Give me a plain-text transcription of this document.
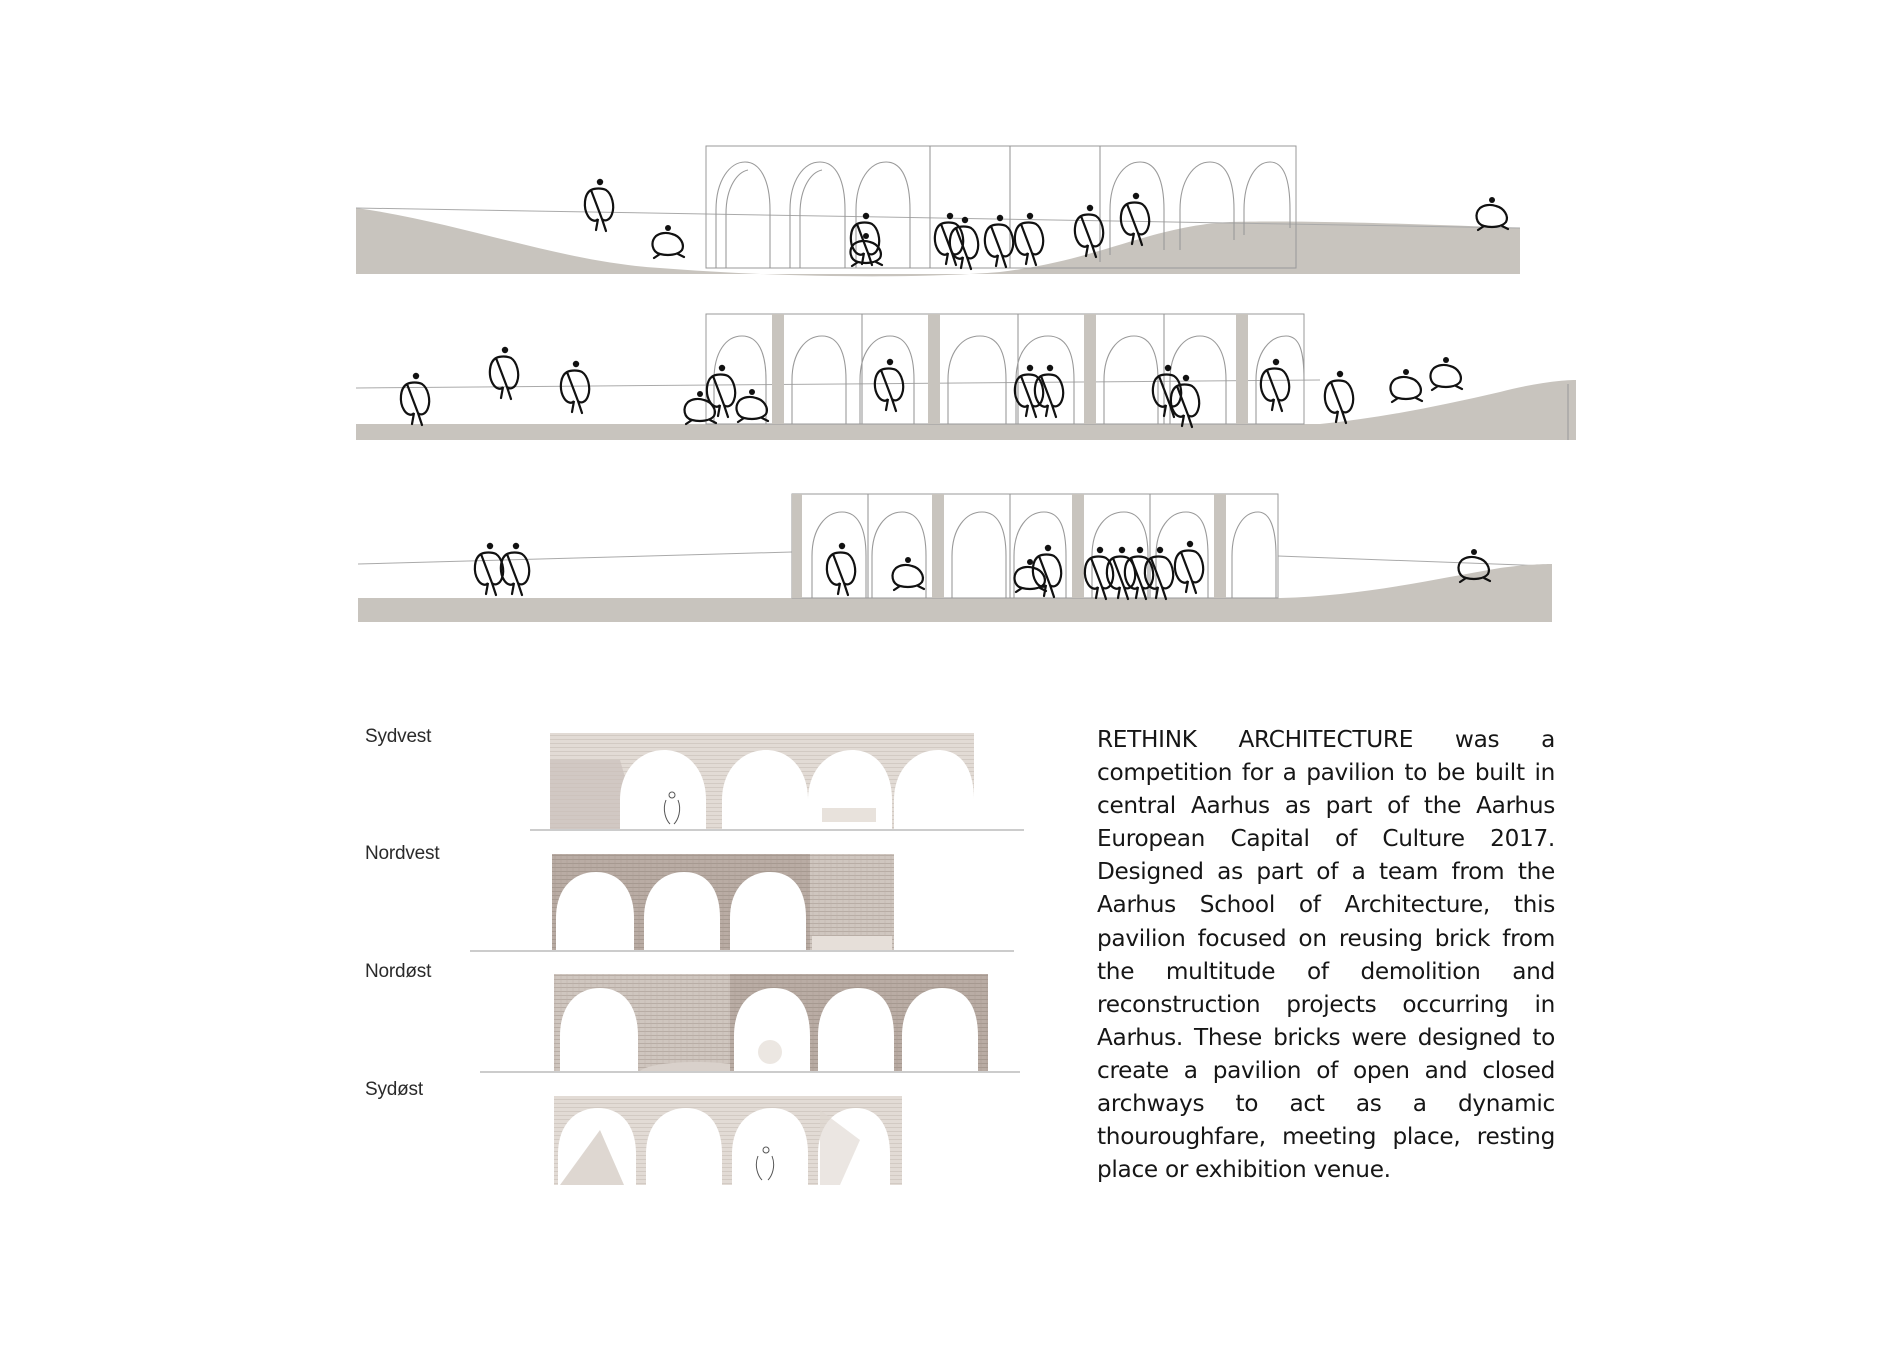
Sydvest
Nordvest
Nordøst
Sydøst

RETHINK ARCHITECTURE was a competition for a pavilion to be built in central Aarhus as part of the Aarhus European Capital of Culture 2017. Designed as part of a team from the Aarhus School of Architecture, this pavilion focused on reusing brick from the multitude of demolition and reconstruction projects occurring in Aarhus. These bricks were designed to create a pavilion of open and closed archways to act as a dynamic thouroughfare, meeting place, resting place or exhibition venue.
